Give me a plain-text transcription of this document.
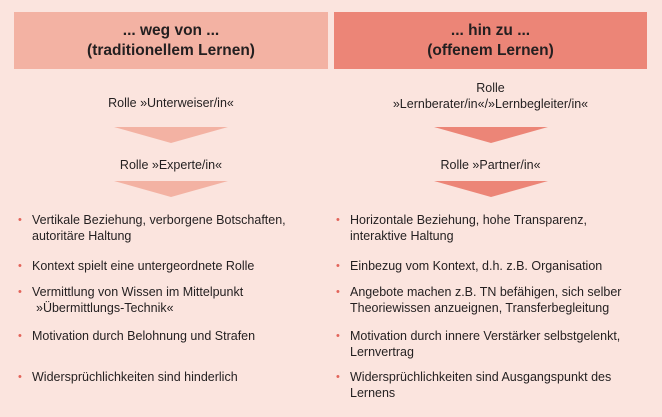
... weg von ...
(traditionellem Lernen)
... hin zu ...
(offenem Lernen)
Rolle »Unterweiser/in«
Rolle »Experte/in«
Rolle
»Lernberater/in«/»Lernbegleiter/in«
Rolle »Partner/in«
• Vertikale Beziehung, verborgene Botschaften,
autoritäre Haltung
• Kontext spielt eine untergeordnete Rolle
• Vermittlung von Wissen im Mittelpunkt
»Übermittlungs-Technik«
• Motivation durch Belohnung und Strafen
• Widersprüchlichkeiten sind hinderlich
• Horizontale Beziehung, hohe Transparenz,
interaktive Haltung
• Einbezug vom Kontext, d.h. z.B. Organisation
• Angebote machen z.B. TN befähigen, sich selber
Theoriewissen anzueignen, Transferbegleitung
• Motivation durch innere Verstärker selbstgelenkt,
Lernvertrag
• Widersprüchlichkeiten sind Ausgangspunkt des
Lernens
